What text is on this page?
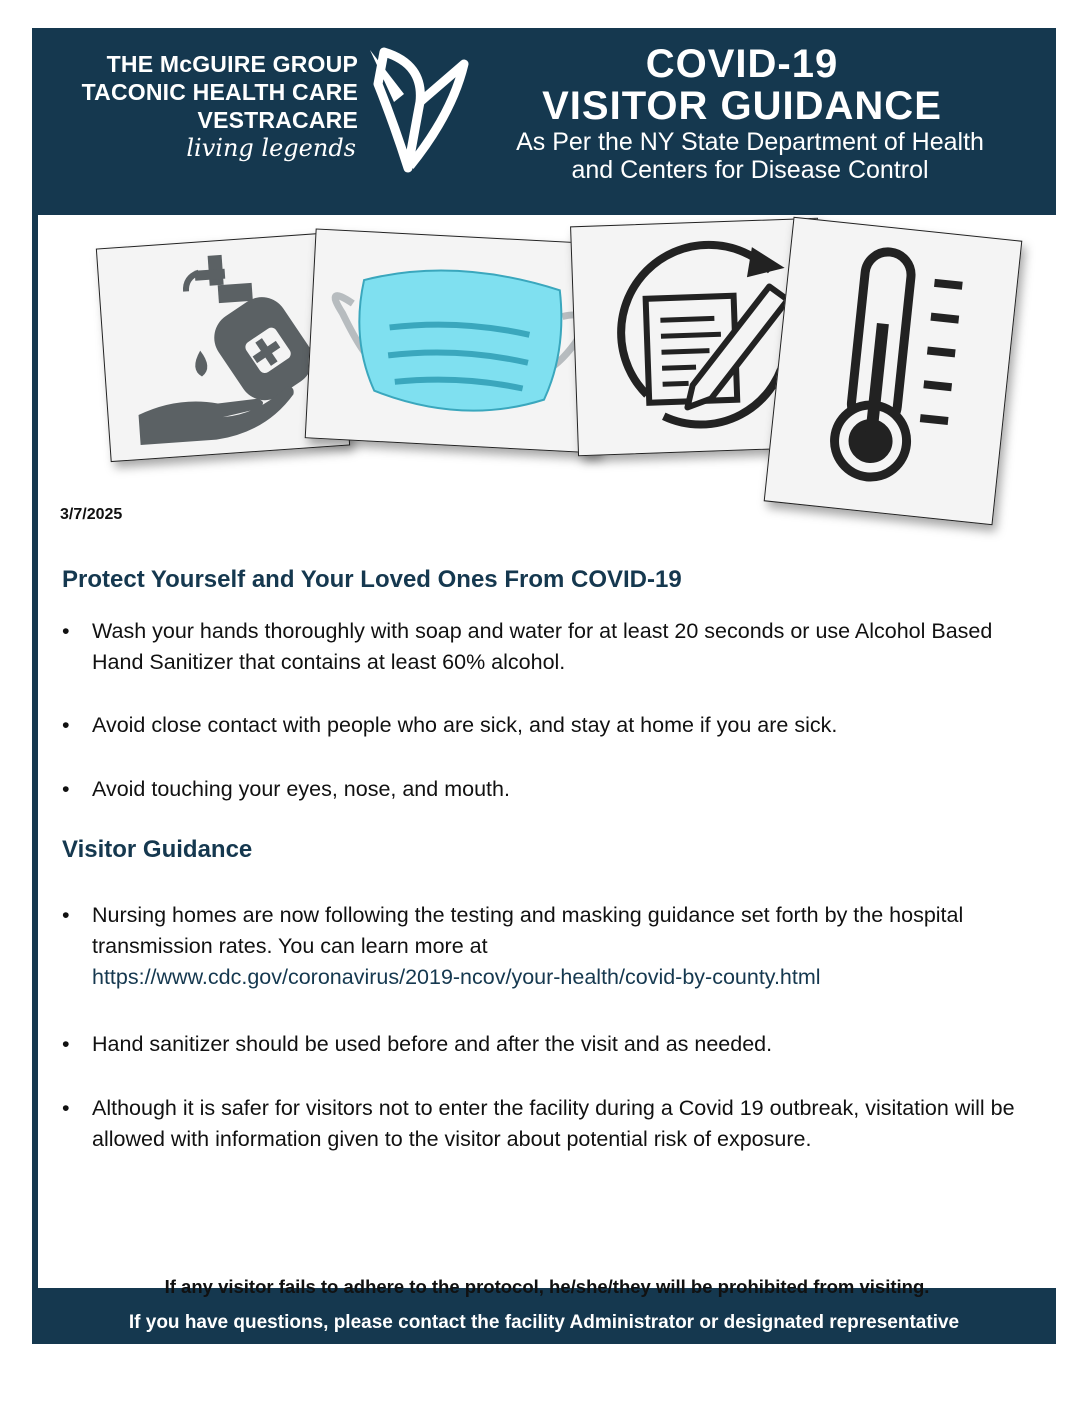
THE McGUIRE GROUP
TACONIC HEALTH CARE
VESTRACARE
living legends
COVID-19
VISITOR GUIDANCE
As Per the NY State Department of Health
and Centers for Disease Control
3/7/2025
Protect Yourself and Your Loved Ones From COVID-19
• Wash your hands thoroughly with soap and water for at least 20 seconds or use Alcohol Based Hand Sanitizer that contains at least 60% alcohol.
• Avoid close contact with people who are sick, and stay at home if you are sick.
• Avoid touching your eyes, nose, and mouth.
Visitor Guidance
• Nursing homes are now following the testing and masking guidance set forth by the hospital transmission rates. You can learn more at
https://www.cdc.gov/coronavirus/2019-ncov/your-health/covid-by-county.html
• Hand sanitizer should be used before and after the visit and as needed.
• Although it is safer for visitors not to enter the facility during a Covid 19 outbreak, visitation will be allowed with information given to the visitor about potential risk of exposure.
If any visitor fails to adhere to the protocol, he/she/they will be prohibited from visiting.
If you have questions, please contact the facility Administrator or designated representative
